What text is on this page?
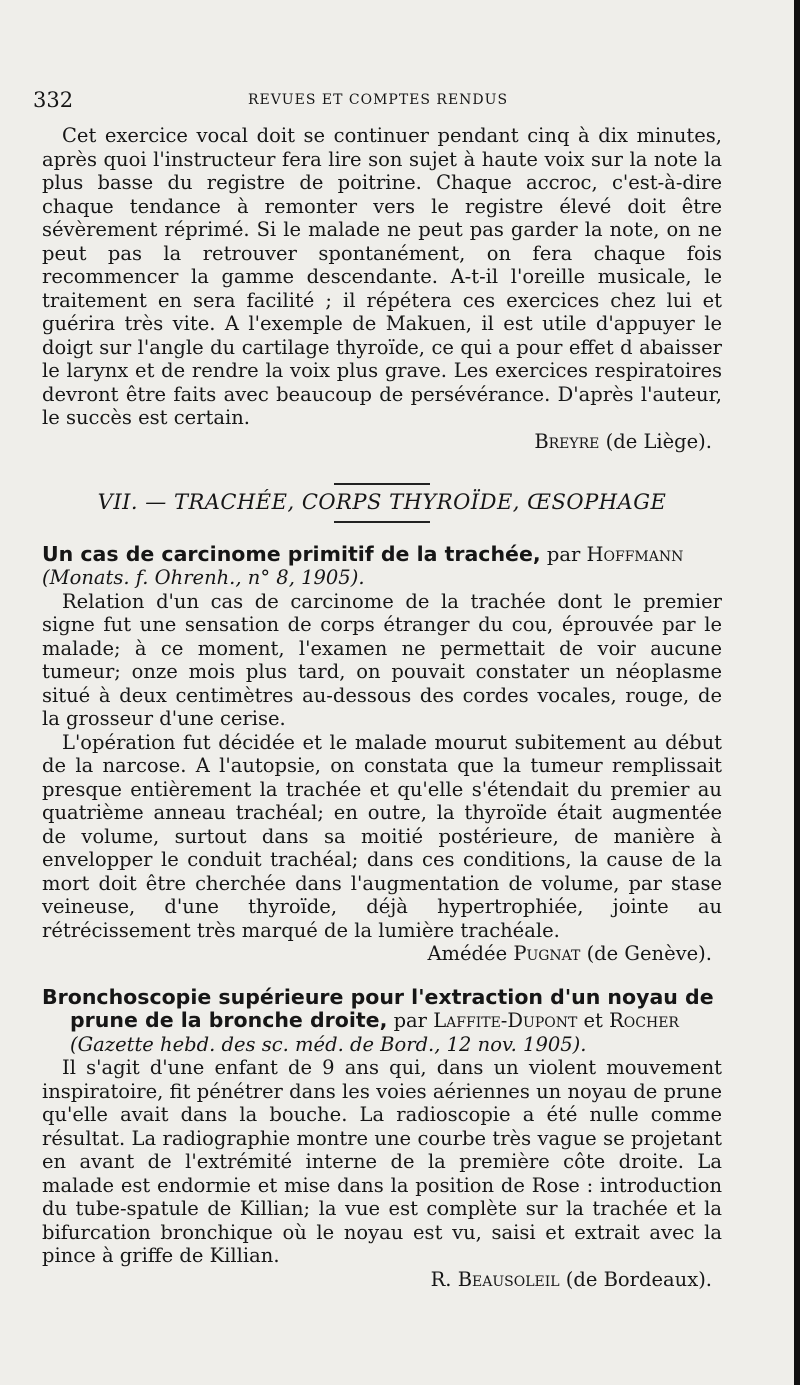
332	REVUES ET COMPTES RENDUS

Cet exercice vocal doit se continuer pendant cinq à dix minutes, après quoi l'instructeur fera lire son sujet à haute voix sur la note la plus basse du registre de poitrine. Chaque accroc, c'est-à-dire chaque tendance à remonter vers le registre élevé doit être sévèrement réprimé. Si le malade ne peut pas garder la note, on ne peut pas la retrouver spontanément, on fera chaque fois recommencer la gamme descendante. A-t-il l'oreille musicale, le traitement en sera facilité ; il répétera ces exercices chez lui et guérira très vite. A l'exemple de Makuen, il est utile d'appuyer le doigt sur l'angle du cartilage thyroïde, ce qui a pour effet d abaisser le larynx et de rendre la voix plus grave. Les exercices respiratoires devront être faits avec beaucoup de persévérance. D'après l'auteur, le succès est certain.

Breyre (de Liège).

VII. — TRACHÉE, CORPS THYROÏDE, ŒSOPHAGE

Un cas de carcinome primitif de la trachée, par Hoffmann
(Monats. f. Ohrenh., n° 8, 1905).

Relation d'un cas de carcinome de la trachée dont le premier signe fut une sensation de corps étranger du cou, éprouvée par le malade; à ce moment, l'examen ne permettait de voir aucune tumeur; onze mois plus tard, on pouvait constater un néoplasme situé à deux centimètres au-dessous des cordes vocales, rouge, de la grosseur d'une cerise.

L'opération fut décidée et le malade mourut subitement au début de la narcose. A l'autopsie, on constata que la tumeur remplissait presque entièrement la trachée et qu'elle s'étendait du premier au quatrième anneau trachéal; en outre, la thyroïde était augmentée de volume, surtout dans sa moitié postérieure, de manière à envelopper le conduit trachéal; dans ces conditions, la cause de la mort doit être cherchée dans l'augmentation de volume, par stase veineuse, d'une thyroïde, déjà hypertrophiée, jointe au rétrécissement très marqué de la lumière trachéale.

Amédée Pugnat (de Genève).

Bronchoscopie supérieure pour l'extraction d'un noyau de prune de la bronche droite, par Laffite-Dupont et Rocher (Gazette hebd. des sc. méd. de Bord., 12 nov. 1905).

Il s'agit d'une enfant de 9 ans qui, dans un violent mouvement inspiratoire, fit pénétrer dans les voies aériennes un noyau de prune qu'elle avait dans la bouche. La radioscopie a été nulle comme résultat. La radiographie montre une courbe très vague se projetant en avant de l'extrémité interne de la première côte droite. La malade est endormie et mise dans la position de Rose : introduction du tube-spatule de Killian; la vue est complète sur la trachée et la bifurcation bronchique où le noyau est vu, saisi et extrait avec la pince à griffe de Killian.

R. Beausoleil (de Bordeaux).
